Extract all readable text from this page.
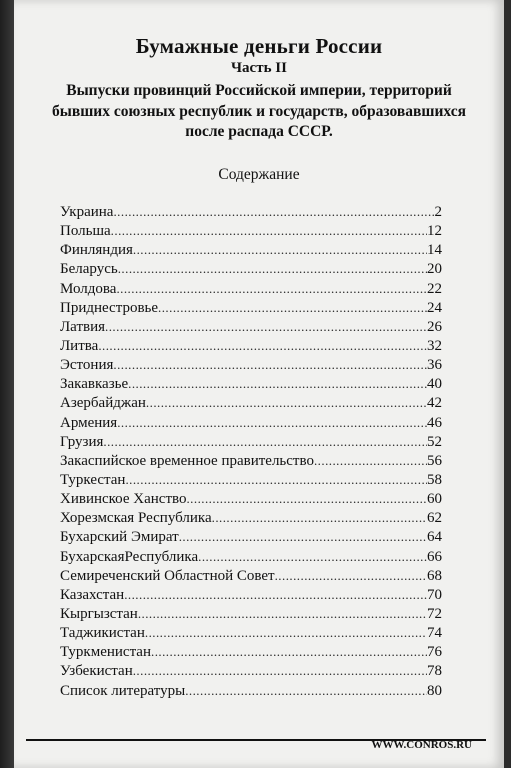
Бумажные деньги России
Часть II
Выпуски провинций Российской империи, территорий бывших союзных республик и государств, образовавшихся после распада СССР.
Содержание
Украина . . .	2
Польша . . .	12
Финляндия . . .	14
Беларусь . . .	20
Молдова . . .	22
Приднестровье . . .	24
Латвия . . .	26
Литва . . .	32
Эстония . . .	36
Закавказье . . .	40
Азербайджан . . .	42
Армения . . .	46
Грузия . . .	52
Закаспийское временное правительство . . .	56
Туркестан . . .	58
Хивинское Ханство . . .	60
Хорезмская Республика . . .	62
Бухарский Эмират . . .	64
БухарскаяРеспублика . . .	66
Семиреченский Областной Совет . . .	68
Казахстан . . .	70
Кыргызстан . . .	72
Таджикистан . . .	74
Туркменистан . . .	76
Узбекистан . . .	78
Список литературы . . .	80
WWW.CONROS.RU
